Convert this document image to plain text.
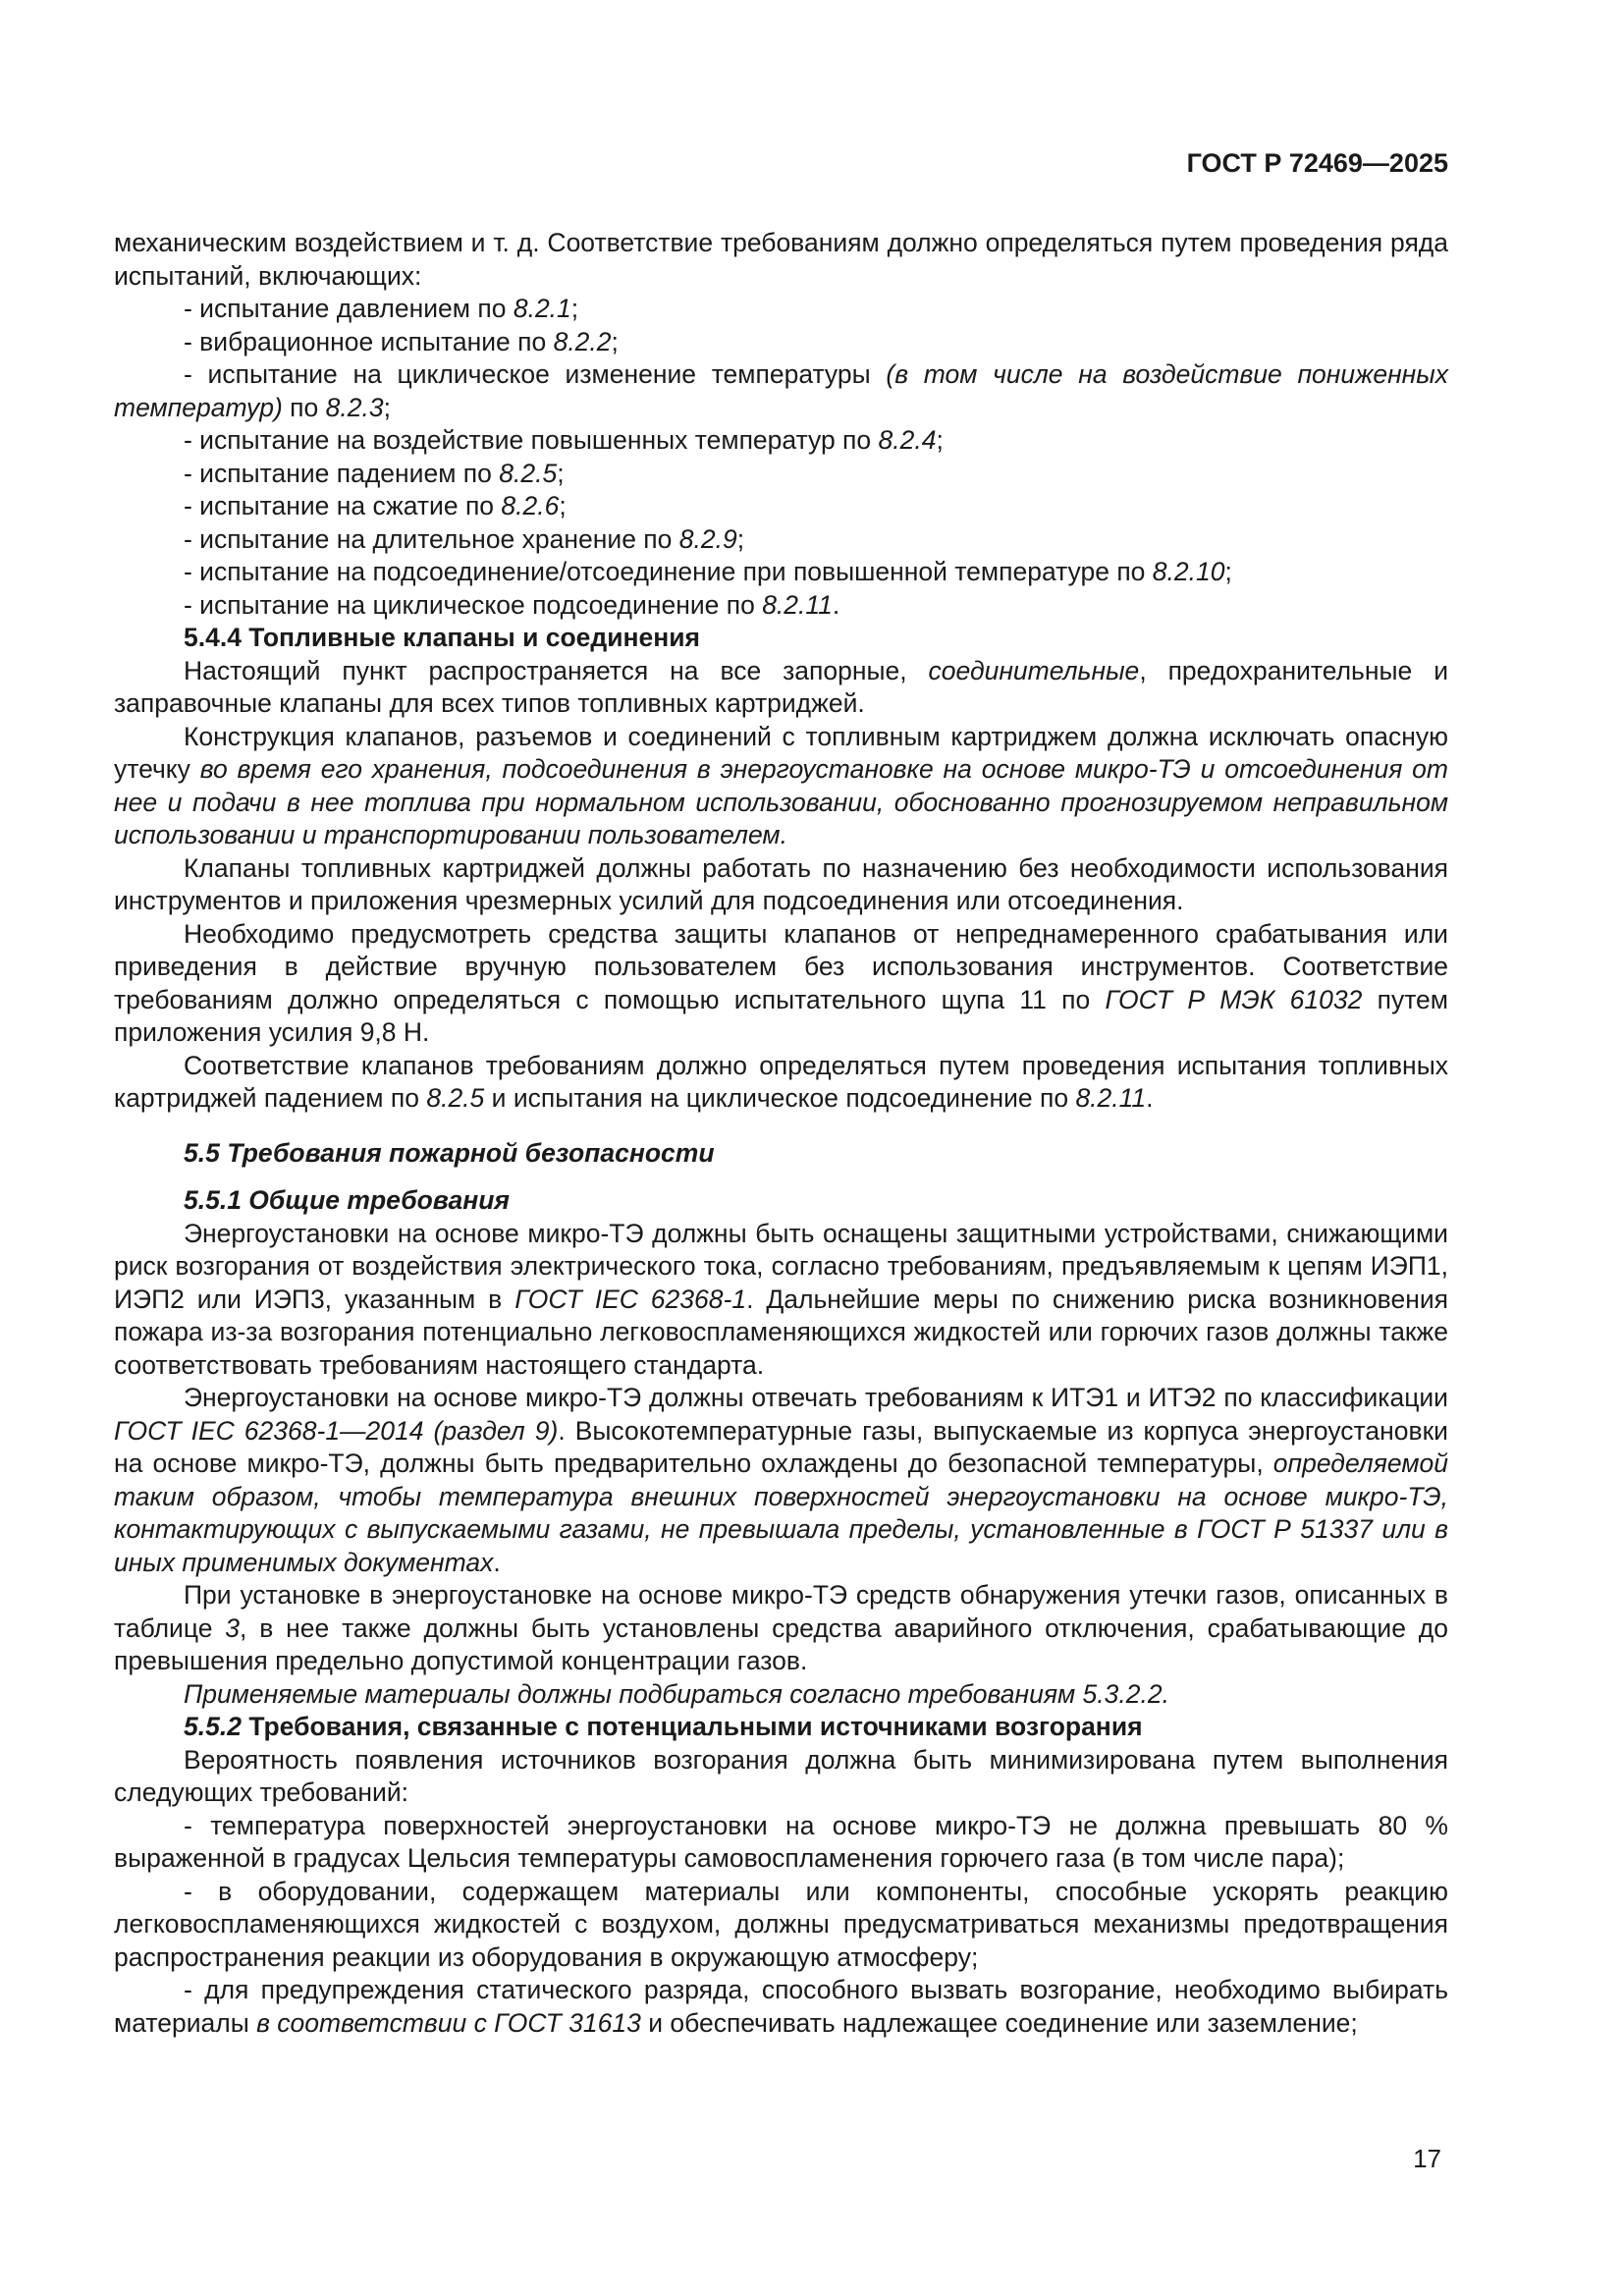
ГОСТ Р 72469—2025

механическим воздействием и т. д. Соответствие требованиям должно определяться путем проведения ряда испытаний, включающих:

- испытание давлением по 8.2.1;

- вибрационное испытание по 8.2.2;

- испытание на циклическое изменение температуры (в том числе на воздействие пониженных температур) по 8.2.3;

- испытание на воздействие повышенных температур по 8.2.4;

- испытание падением по 8.2.5;

- испытание на сжатие по 8.2.6;

- испытание на длительное хранение по 8.2.9;

- испытание на подсоединение/отсоединение при повышенной температуре по 8.2.10;

- испытание на циклическое подсоединение по 8.2.11.

5.4.4 Топливные клапаны и соединения

Настоящий пункт распространяется на все запорные, соединительные, предохранительные и заправочные клапаны для всех типов топливных картриджей.

Конструкция клапанов, разъемов и соединений с топливным картриджем должна исключать опасную утечку во время его хранения, подсоединения в энергоустановке на основе микро-ТЭ и отсоединения от нее и подачи в нее топлива при нормальном использовании, обоснованно прогнозируемом неправильном использовании и транспортировании пользователем.

Клапаны топливных картриджей должны работать по назначению без необходимости использования инструментов и приложения чрезмерных усилий для подсоединения или отсоединения.

Необходимо предусмотреть средства защиты клапанов от непреднамеренного срабатывания или приведения в действие вручную пользователем без использования инструментов. Соответствие требованиям должно определяться с помощью испытательного щупа 11 по ГОСТ Р МЭК 61032 путем приложения усилия 9,8 Н.

Соответствие клапанов требованиям должно определяться путем проведения испытания топливных картриджей падением по 8.2.5 и испытания на циклическое подсоединение по 8.2.11.

5.5 Требования пожарной безопасности

5.5.1 Общие требования

Энергоустановки на основе микро-ТЭ должны быть оснащены защитными устройствами, снижающими риск возгорания от воздействия электрического тока, согласно требованиям, предъявляемым к цепям ИЭП1, ИЭП2 или ИЭП3, указанным в ГОСТ IEC 62368-1. Дальнейшие меры по снижению риска возникновения пожара из-за возгорания потенциально легковоспламеняющихся жидкостей или горючих газов должны также соответствовать требованиям настоящего стандарта.

Энергоустановки на основе микро-ТЭ должны отвечать требованиям к ИТЭ1 и ИТЭ2 по классификации ГОСТ IEC 62368-1—2014 (раздел 9). Высокотемпературные газы, выпускаемые из корпуса энергоустановки на основе микро-ТЭ, должны быть предварительно охлаждены до безопасной температуры, определяемой таким образом, чтобы температура внешних поверхностей энергоустановки на основе микро-ТЭ, контактирующих с выпускаемыми газами, не превышала пределы, установленные в ГОСТ Р 51337 или в иных применимых документах.

При установке в энергоустановке на основе микро-ТЭ средств обнаружения утечки газов, описанных в таблице 3, в нее также должны быть установлены средства аварийного отключения, срабатывающие до превышения предельно допустимой концентрации газов.

Применяемые материалы должны подбираться согласно требованиям 5.3.2.2.

5.5.2 Требования, связанные с потенциальными источниками возгорания

Вероятность появления источников возгорания должна быть минимизирована путем выполнения следующих требований:

- температура поверхностей энергоустановки на основе микро-ТЭ не должна превышать 80 % выраженной в градусах Цельсия температуры самовоспламенения горючего газа (в том числе пара);

- в оборудовании, содержащем материалы или компоненты, способные ускорять реакцию легковоспламеняющихся жидкостей с воздухом, должны предусматриваться механизмы предотвращения распространения реакции из оборудования в окружающую атмосферу;

- для предупреждения статического разряда, способного вызвать возгорание, необходимо выбирать материалы в соответствии с ГОСТ 31613 и обеспечивать надлежащее соединение или заземление;

17
